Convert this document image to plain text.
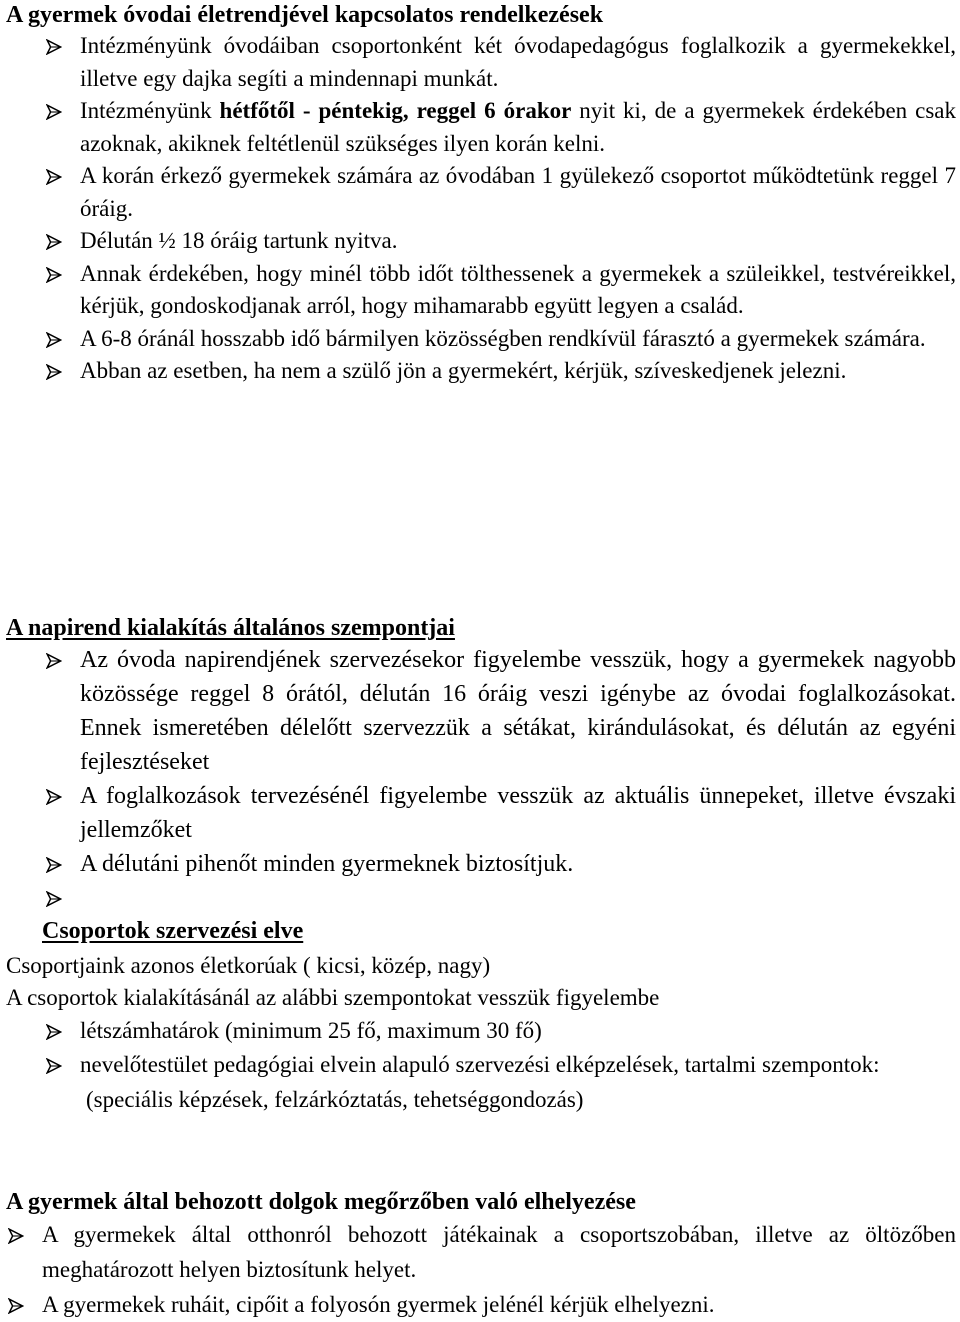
A gyermek óvodai életrendjével kapcsolatos rendelkezések
Intézményünk óvodáiban csoportonként két óvodapedagógus foglalkozik a gyermekekkel, illetve egy dajka segíti a mindennapi munkát.
Intézményünk hétfőtől - péntekig, reggel 6 órakor nyit ki, de a gyermekek érdekében csak azoknak, akiknek feltétlenül szükséges ilyen korán kelni.
A korán érkező gyermekek számára az óvodában 1 gyülekező csoportot működtetünk reggel 7 óráig.
Délután ½ 18 óráig tartunk nyitva.
Annak érdekében, hogy minél több időt tölthessenek a gyermekek a szüleikkel, testvéreikkel, kérjük, gondoskodjanak arról, hogy mihamarabb együtt legyen a család.
A 6-8 óránál hosszabb idő bármilyen közösségben rendkívül fárasztó a gyermekek számára.
Abban az esetben, ha nem a szülő jön a gyermekért, kérjük, szíveskedjenek jelezni.
A napirend kialakítás általános szempontjai
Az óvoda napirendjének szervezésekor figyelembe vesszük, hogy a gyermekek nagyobb közössége reggel 8 órától, délután 16 óráig veszi igénybe az óvodai foglalkozásokat. Ennek ismeretében délelőtt szervezzük a sétákat, kirándulásokat, és délután az egyéni fejlesztéseket
A foglalkozások tervezésénél figyelembe vesszük az aktuális ünnepeket, illetve évszaki jellemzőket
A délutáni pihenőt minden gyermeknek biztosítjuk.
Csoportok szervezési elve
Csoportjaink azonos életkorúak ( kicsi, közép, nagy)
A csoportok kialakításánál az alábbi szempontokat vesszük figyelembe
létszámhatárok (minimum 25 fő, maximum 30 fő)
nevelőtestület pedagógiai elvein alapuló szervezési elképzelések, tartalmi szempontok:
(speciális képzések, felzárkóztatás, tehetséggondozás)
A gyermek által behozott dolgok megőrzőben való elhelyezése
A gyermekek által otthonról behozott játékainak a csoportszobában, illetve az öltözőben meghatározott helyen biztosítunk helyet.
A gyermekek ruháit, cipőit a folyosón gyermek jelénél kérjük elhelyezni.
